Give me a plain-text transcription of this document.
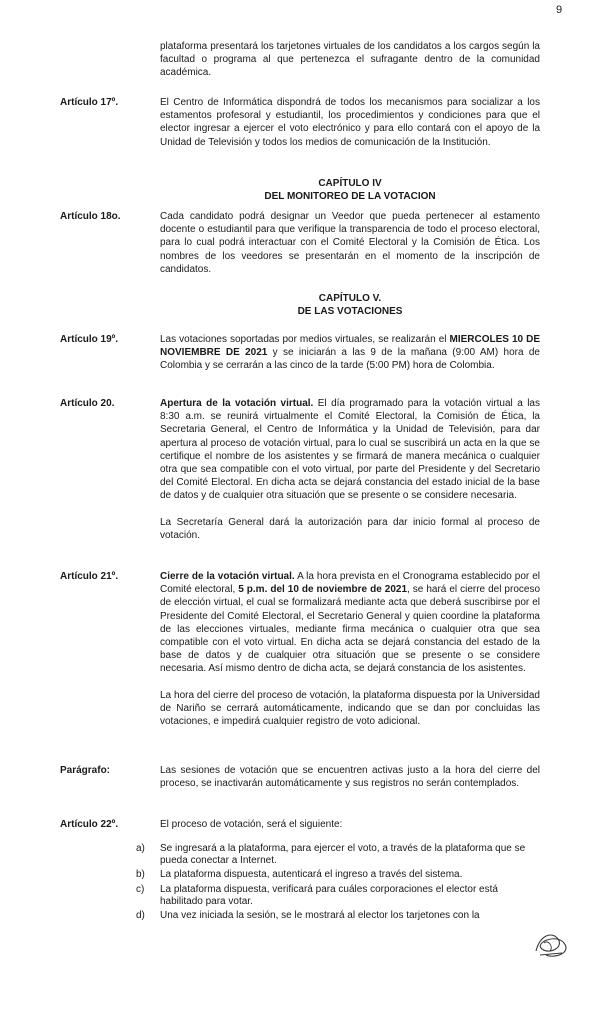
9
plataforma presentará los tarjetones virtuales de los candidatos a los cargos según la facultad o programa al que pertenezca el sufragante dentro de la comunidad académica.
Artículo 17º.	El Centro de Informática dispondrá de todos los mecanismos para socializar a los estamentos profesoral y estudiantil, los procedimientos y condiciones para que el elector ingresar a ejercer el voto electrónico y para ello contará con el apoyo de la Unidad de Televisión y todos los medios de comunicación de la Institución.
CAPÍTULO IV
DEL MONITOREO DE LA VOTACION
Artículo 18o.	Cada candidato podrá designar un Veedor que pueda pertenecer al estamento docente o estudiantil para que verifique la transparencia de todo el proceso electoral, para lo cual podrá interactuar con el Comité Electoral y la Comisión de Ética. Los nombres de los veedores se presentarán en el momento de la inscripción de candidatos.
CAPÍTULO V.
DE LAS VOTACIONES
Artículo 19º.	Las votaciones soportadas por medios virtuales, se realizarán el MIERCOLES 10 DE NOVIEMBRE DE 2021 y se iniciarán a las 9 de la mañana (9:00 AM) hora de Colombia y se cerrarán a las cinco de la tarde (5:00 PM) hora de Colombia.
Artículo 20.	Apertura de la votación virtual. El día programado para la votación virtual a las 8:30 a.m. se reunirá virtualmente el Comité Electoral, la Comisión de Ética, la Secretaria General, el Centro de Informática y la Unidad de Televisión, para dar apertura al proceso de votación virtual, para lo cual se suscribirá un acta en la que se certifique el nombre de los asistentes y se firmará de manera mecánica o cualquier otra que sea compatible con el voto virtual, por parte del Presidente y del Secretario del Comité Electoral. En dicha acta se dejará constancia del estado inicial de la base de datos y de cualquier otra situación que se presente o se considere necesaria.

La Secretaría General dará la autorización para dar inicio formal al proceso de votación.

Artículo 21º.	Cierre de la votación virtual. A la hora prevista en el Cronograma establecido por el Comité electoral, 5 p.m. del 10 de noviembre de 2021, se hará el cierre del proceso de elección virtual, el cual se formalizará mediante acta que deberá suscribirse por el Presidente del Comité Electoral, el Secretario General y quien coordine la plataforma de las elecciones virtuales, mediante firma mecánica o cualquier otra que sea compatible con el voto virtual. En dicha acta se dejará constancia del estado de la base de datos y de cualquier otra situación que se presente o se considere necesaria. Así mismo dentro de dicha acta, se dejará constancia de los asistentes.

La hora del cierre del proceso de votación, la plataforma dispuesta por la Universidad de Nariño se cerrará automáticamente, indicando que se dan por concluidas las votaciones, e impedirá cualquier registro de voto adicional.

Parágrafo:	Las sesiones de votación que se encuentren activas justo a la hora del cierre del proceso, se inactivarán automáticamente y sus registros no serán contemplados.
Artículo 22º.	El proceso de votación, será el siguiente:
a) Se ingresará a la plataforma, para ejercer el voto, a través de la plataforma que se pueda conectar a Internet.
b) La plataforma dispuesta, autenticará el ingreso a través del sistema.
c) La plataforma dispuesta, verificará para cuáles corporaciones el elector está habilitado para votar.
d) Una vez iniciada la sesión, se le mostrará al elector los tarjetones con la
